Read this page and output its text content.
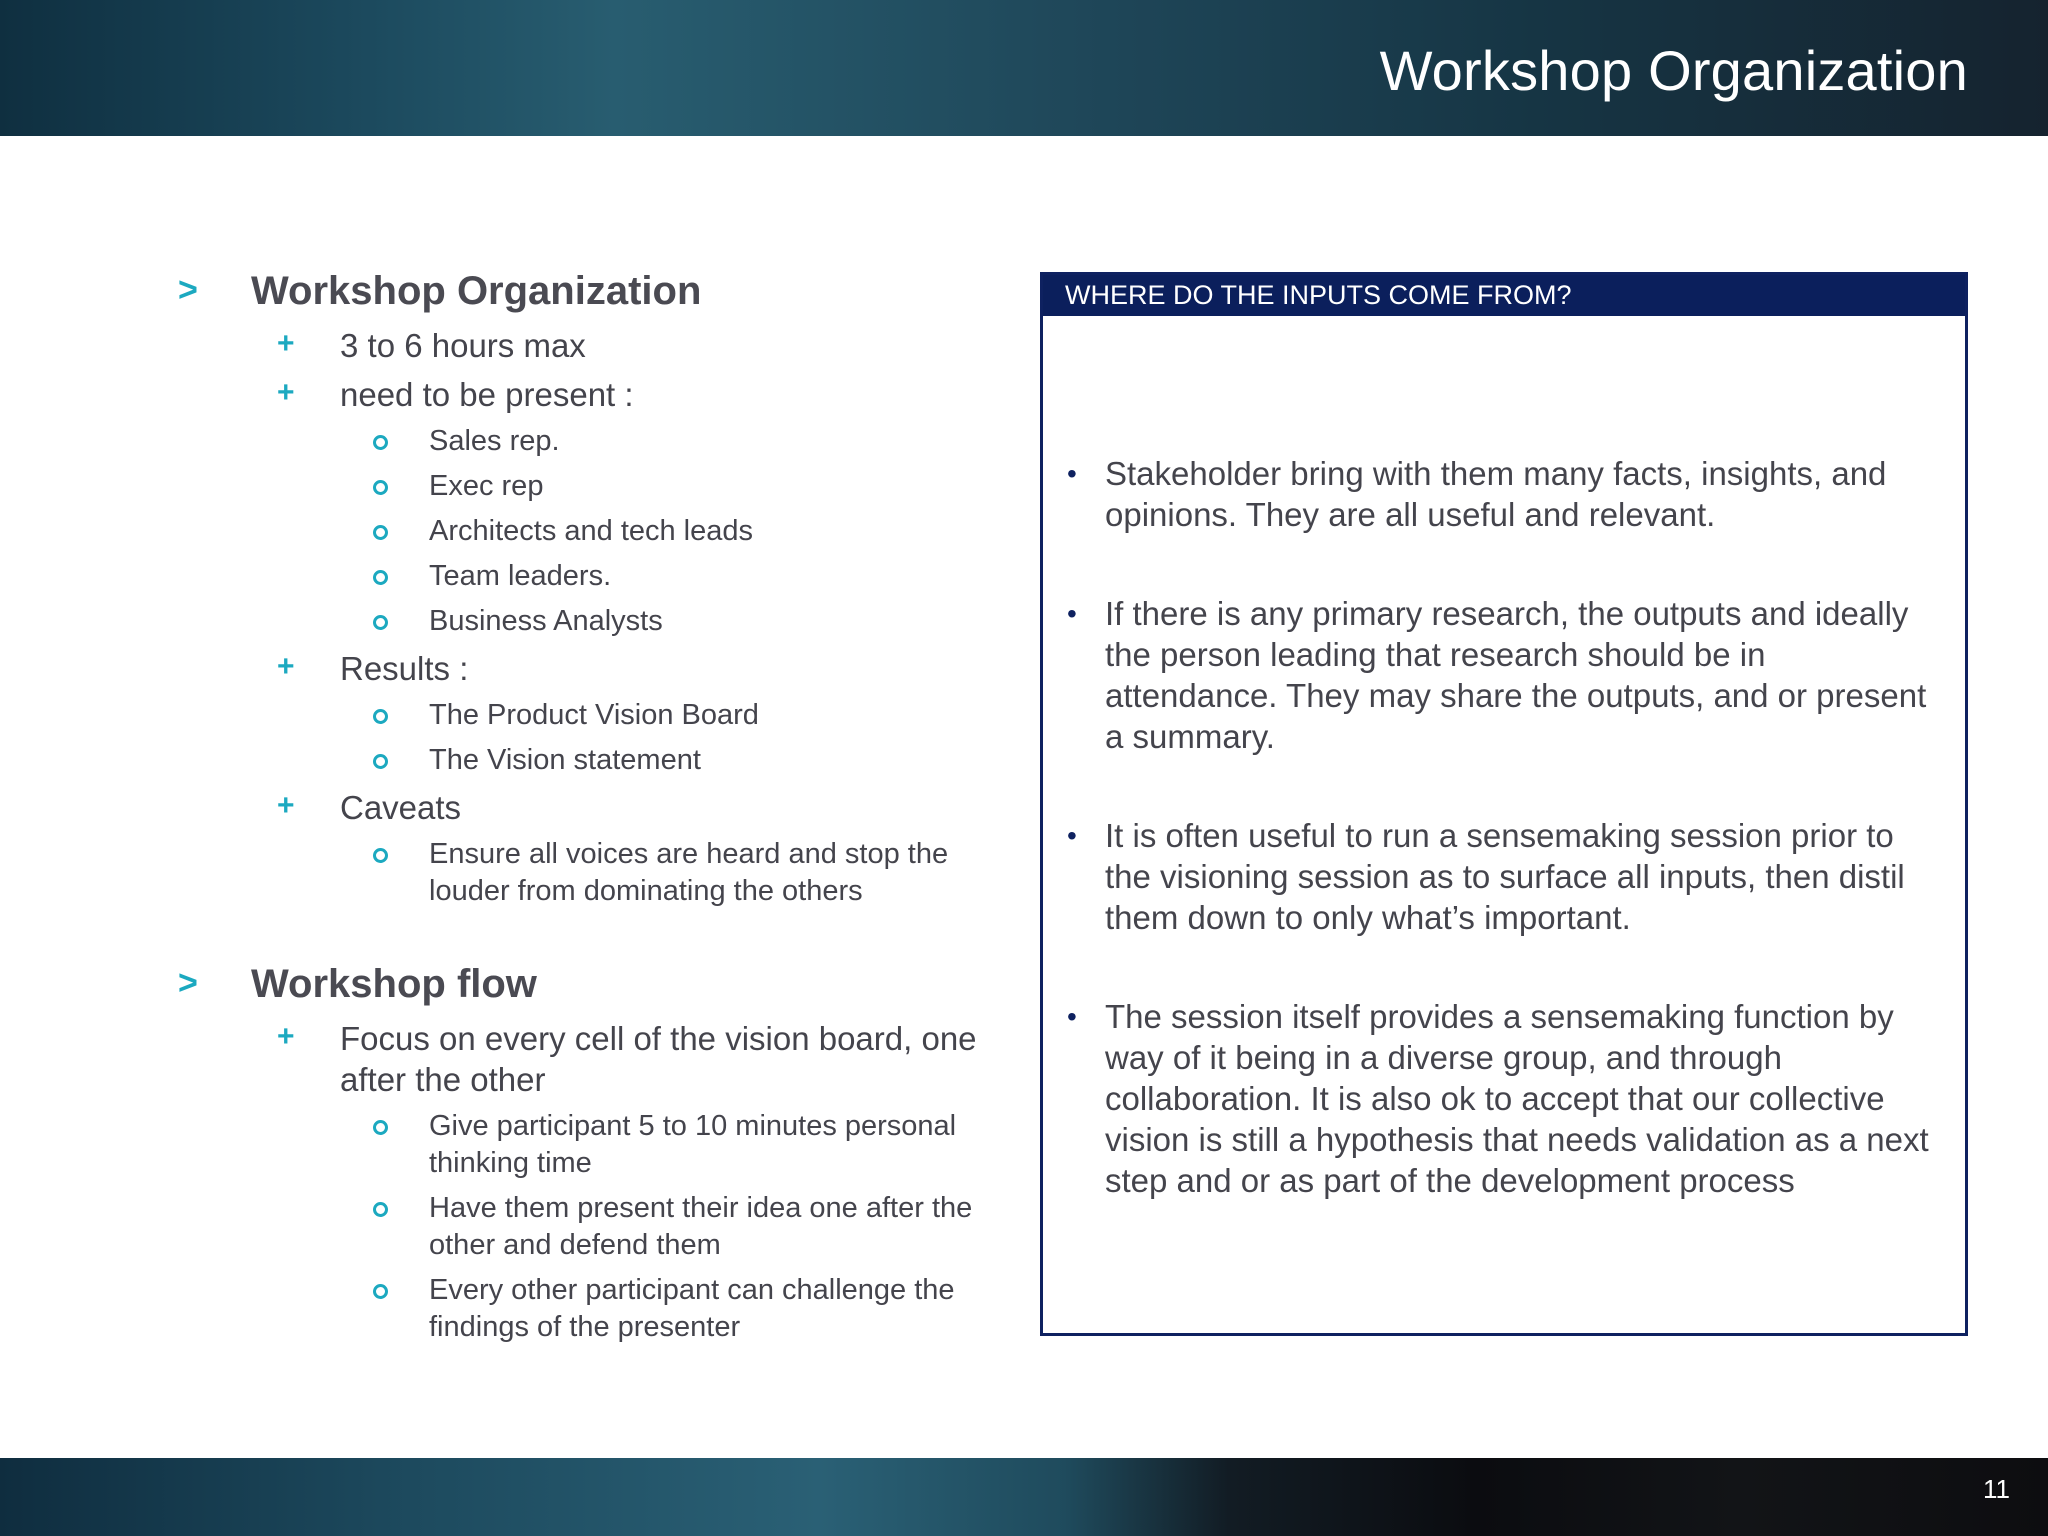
Workshop Organization
> Workshop Organization
+ 3 to 6 hours max
+ need to be present :
Sales rep.
Exec rep
Architects and tech leads
Team leaders.
Business Analysts
+ Results :
The Product Vision Board
The Vision statement
+ Caveats
Ensure all voices are heard and stop the louder from dominating the others
> Workshop flow
+ Focus on every cell of the vision board, one after the other
Give participant 5 to 10 minutes personal thinking time
Have them present their idea one after the other and defend them
Every other participant can challenge the findings of the presenter
WHERE DO THE INPUTS COME FROM?
• Stakeholder bring with them many facts, insights, and opinions. They are all useful and relevant.
• If there is any primary research, the outputs and ideally the person leading that research should be in attendance. They may share the outputs, and or present a summary.
• It is often useful to run a sensemaking session prior to the visioning session as to surface all inputs, then distil them down to only what’s important.
• The session itself provides a sensemaking function by way of it being in a diverse group, and through collaboration. It is also ok to accept that our collective vision is still a hypothesis that needs validation as a next step and or as part of the development process
11
